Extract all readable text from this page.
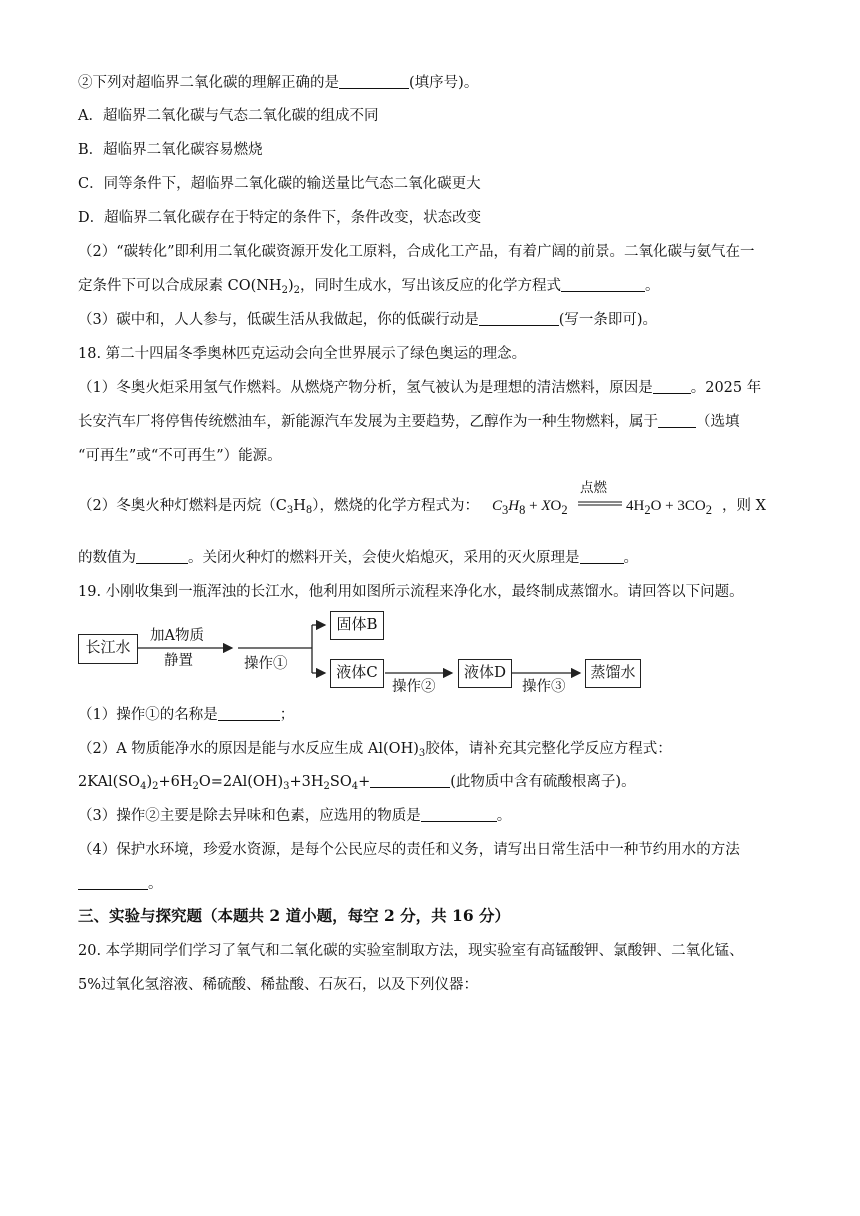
②下列对超临界二氧化碳的理解正确的是	(填序号)。
A．超临界二氧化碳与气态二氧化碳的组成不同
B．超临界二氧化碳容易燃烧
C．同等条件下，超临界二氧化碳的输送量比气态二氧化碳更大
D．超临界二氧化碳存在于特定的条件下，条件改变，状态改变
（2）“碳转化”即利用二氧化碳资源开发化工原料，合成化工产品，有着广阔的前景。二氧化碳与氨气在一
定条件下可以合成尿素 $CO(NH_2)_2$，同时生成水，写出该反应的化学方程式	。
（3）碳中和，人人参与，低碳生活从我做起，你的低碳行动是	(写一条即可)。
18. 第二十四届冬季奥林匹克运动会向全世界展示了绿色奥运的理念。
（1）冬奥火炬采用氢气作燃料。从燃烧产物分析，氢气被认为是理想的清洁燃料，原因是	。2025 年
长安汽车厂将停售传统燃油车，新能源汽车发展为主要趋势，乙醇作为一种生物燃料，属于	（选填
“可再生”或“不可再生”）能源。
（2）冬奥火种灯燃料是丙烷$(C_3H_8)$，燃烧的化学方程式为： $C_3H_8 + XO_2$
点燃
$4H_2O + 3CO_2$ ，则 X
的数值为	。关闭火种灯的燃料开关，会使火焰熄灭，采用的灭火原理是	。
19. 小刚收集到一瓶浑浊的长江水，他利用如图所示流程来净化水，最终制成蒸馏水。请回答以下问题。
长江水
加A物质
静置	操作①
固体B
液体C
操作②
液体D
操作③
蒸馏水
（1）操作①的名称是	；
（2）A 物质能净水的原因是能与水反应生成 $Al(OH)_3$胶体，请补充其完整化学反应方程式：
$2KAl(SO_4)_2+6H_2O=2Al(OH)_3+3H_2SO_4+$	(此物质中含有硫酸根离子)。
（3）操作②主要是除去异味和色素，应选用的物质是	。
（4）保护水环境，珍爱水资源，是每个公民应尽的责任和义务，请写出日常生活中一种节约用水的方法
。
三、实验与探究题（本题共 2 道小题，每空 2 分，共 16 分）
20. 本学期同学们学习了氧气和二氧化碳的实验室制取方法，现实验室有高锰酸钾、氯酸钾、二氧化锰、
5%过氧化氢溶液、稀硫酸、稀盐酸、石灰石，以及下列仪器：
